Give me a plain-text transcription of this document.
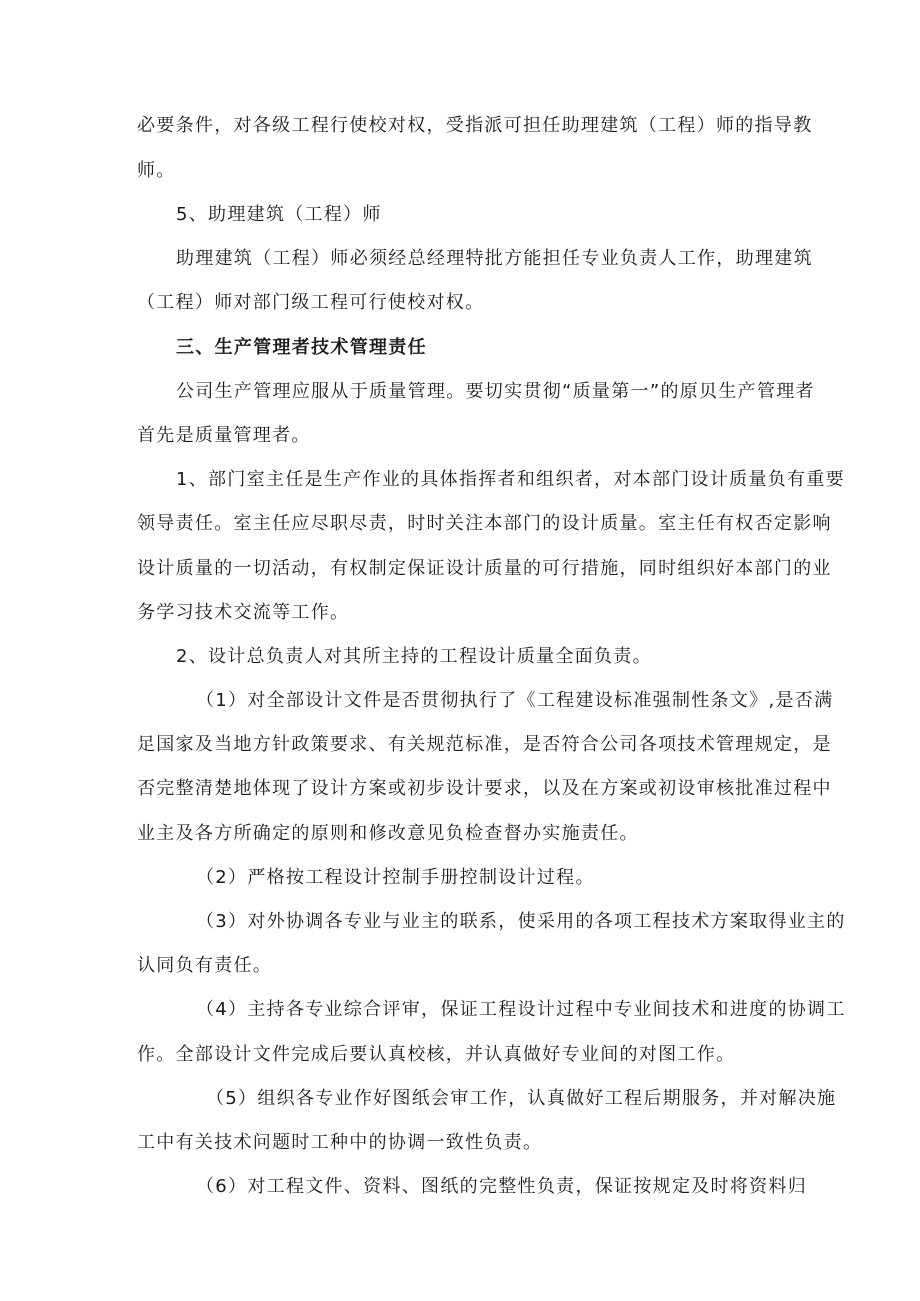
必要条件，对各级工程行使校对权，受指派可担任助理建筑（工程）师的指导教
师。
5、助理建筑（工程）师
助理建筑（工程）师必须经总经理特批方能担任专业负责人工作，助理建筑
（工程）师对部门级工程可行使校对权。
三、生产管理者技术管理责任
公司生产管理应服从于质量管理。要切实贯彻“质量第一”的原贝生产管理者
首先是质量管理者。
1、部门室主任是生产作业的具体指挥者和组织者，对本部门设计质量负有重要
领导责任。室主任应尽职尽责，时时关注本部门的设计质量。室主任有权否定影响
设计质量的一切活动，有权制定保证设计质量的可行措施，同时组织好本部门的业
务学习技术交流等工作。
2、设计总负责人对其所主持的工程设计质量全面负责。
（1）对全部设计文件是否贯彻执行了《工程建设标准强制性条文》,是否满
足国家及当地方针政策要求、有关规范标准，是否符合公司各项技术管理规定，是
否完整清楚地体现了设计方案或初步设计要求，以及在方案或初设审核批准过程中
业主及各方所确定的原则和修改意见负检查督办实施责任。
（2）严格按工程设计控制手册控制设计过程。
（3）对外协调各专业与业主的联系，使采用的各项工程技术方案取得业主的
认同负有责任。
（4）主持各专业综合评审，保证工程设计过程中专业间技术和进度的协调工
作。全部设计文件完成后要认真校核，并认真做好专业间的对图工作。
（5）组织各专业作好图纸会审工作，认真做好工程后期服务，并对解决施
工中有关技术问题时工种中的协调一致性负责。
（6）对工程文件、资料、图纸的完整性负责，保证按规定及时将资料归
